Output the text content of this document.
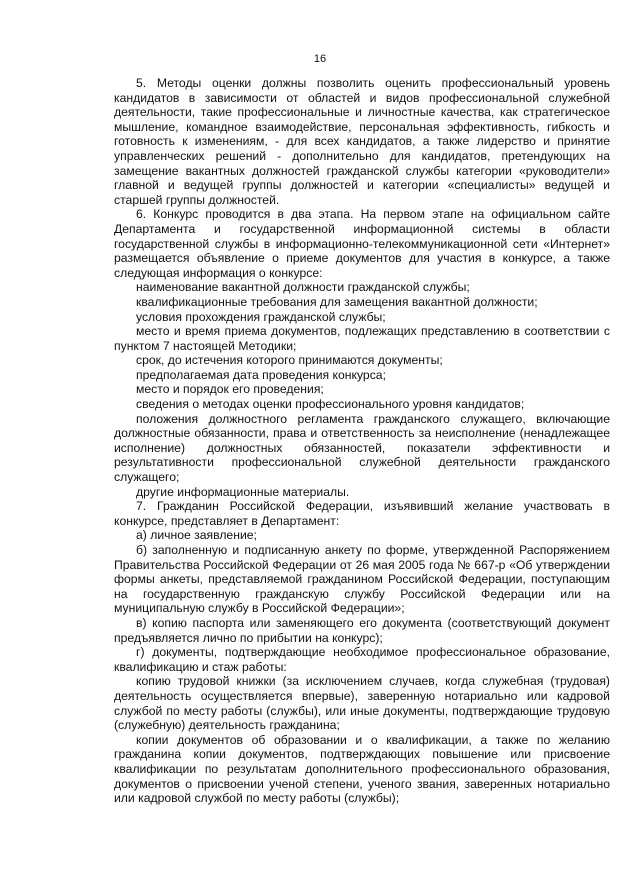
16

5. Методы оценки должны позволить оценить профессиональный уровень кандидатов в зависимости от областей и видов профессиональной служебной деятельности, такие профессиональные и личностные качества, как стратегическое мышление, командное взаимодействие, персональная эффективность, гибкость и готовность к изменениям, - для всех кандидатов, а также лидерство и принятие управленческих решений - дополнительно для кандидатов, претендующих на замещение вакантных должностей гражданской службы категории «руководители» главной и ведущей группы должностей и категории «специалисты» ведущей и старшей группы должностей.

6. Конкурс проводится в два этапа. На первом этапе на официальном сайте Департамента и государственной информационной системы в области государственной службы в информационно-телекоммуникационной сети «Интернет» размещается объявление о приеме документов для участия в конкурсе, а также следующая информация о конкурсе:

наименование вакантной должности гражданской службы;

квалификационные требования для замещения вакантной должности;

условия прохождения гражданской службы;

место и время приема документов, подлежащих представлению в соответствии с пунктом 7 настоящей Методики;

срок, до истечения которого принимаются документы;

предполагаемая дата проведения конкурса;

место и порядок его проведения;

сведения о методах оценки профессионального уровня кандидатов;

положения должностного регламента гражданского служащего, включающие должностные обязанности, права и ответственность за неисполнение (ненадлежащее исполнение) должностных обязанностей, показатели эффективности и результативности профессиональной служебной деятельности гражданского служащего;

другие информационные материалы.

7. Гражданин Российской Федерации, изъявивший желание участвовать в конкурсе, представляет в Департамент:

а) личное заявление;

б) заполненную и подписанную анкету по форме, утвержденной Распоряжением Правительства Российской Федерации от 26 мая 2005 года № 667-р «Об утверждении формы анкеты, представляемой гражданином Российской Федерации, поступающим на государственную гражданскую службу Российской Федерации или на муниципальную службу в Российской Федерации»;

в) копию паспорта или заменяющего его документа (соответствующий документ предъявляется лично по прибытии на конкурс);

г) документы, подтверждающие необходимое профессиональное образование, квалификацию и стаж работы:

копию трудовой книжки (за исключением случаев, когда служебная (трудовая) деятельность осуществляется впервые), заверенную нотариально или кадровой службой по месту работы (службы), или иные документы, подтверждающие трудовую (служебную) деятельность гражданина;

копии документов об образовании и о квалификации, а также по желанию гражданина копии документов, подтверждающих повышение или присвоение квалификации по результатам дополнительного профессионального образования, документов о присвоении ученой степени, ученого звания, заверенных нотариально или кадровой службой по месту работы (службы);
